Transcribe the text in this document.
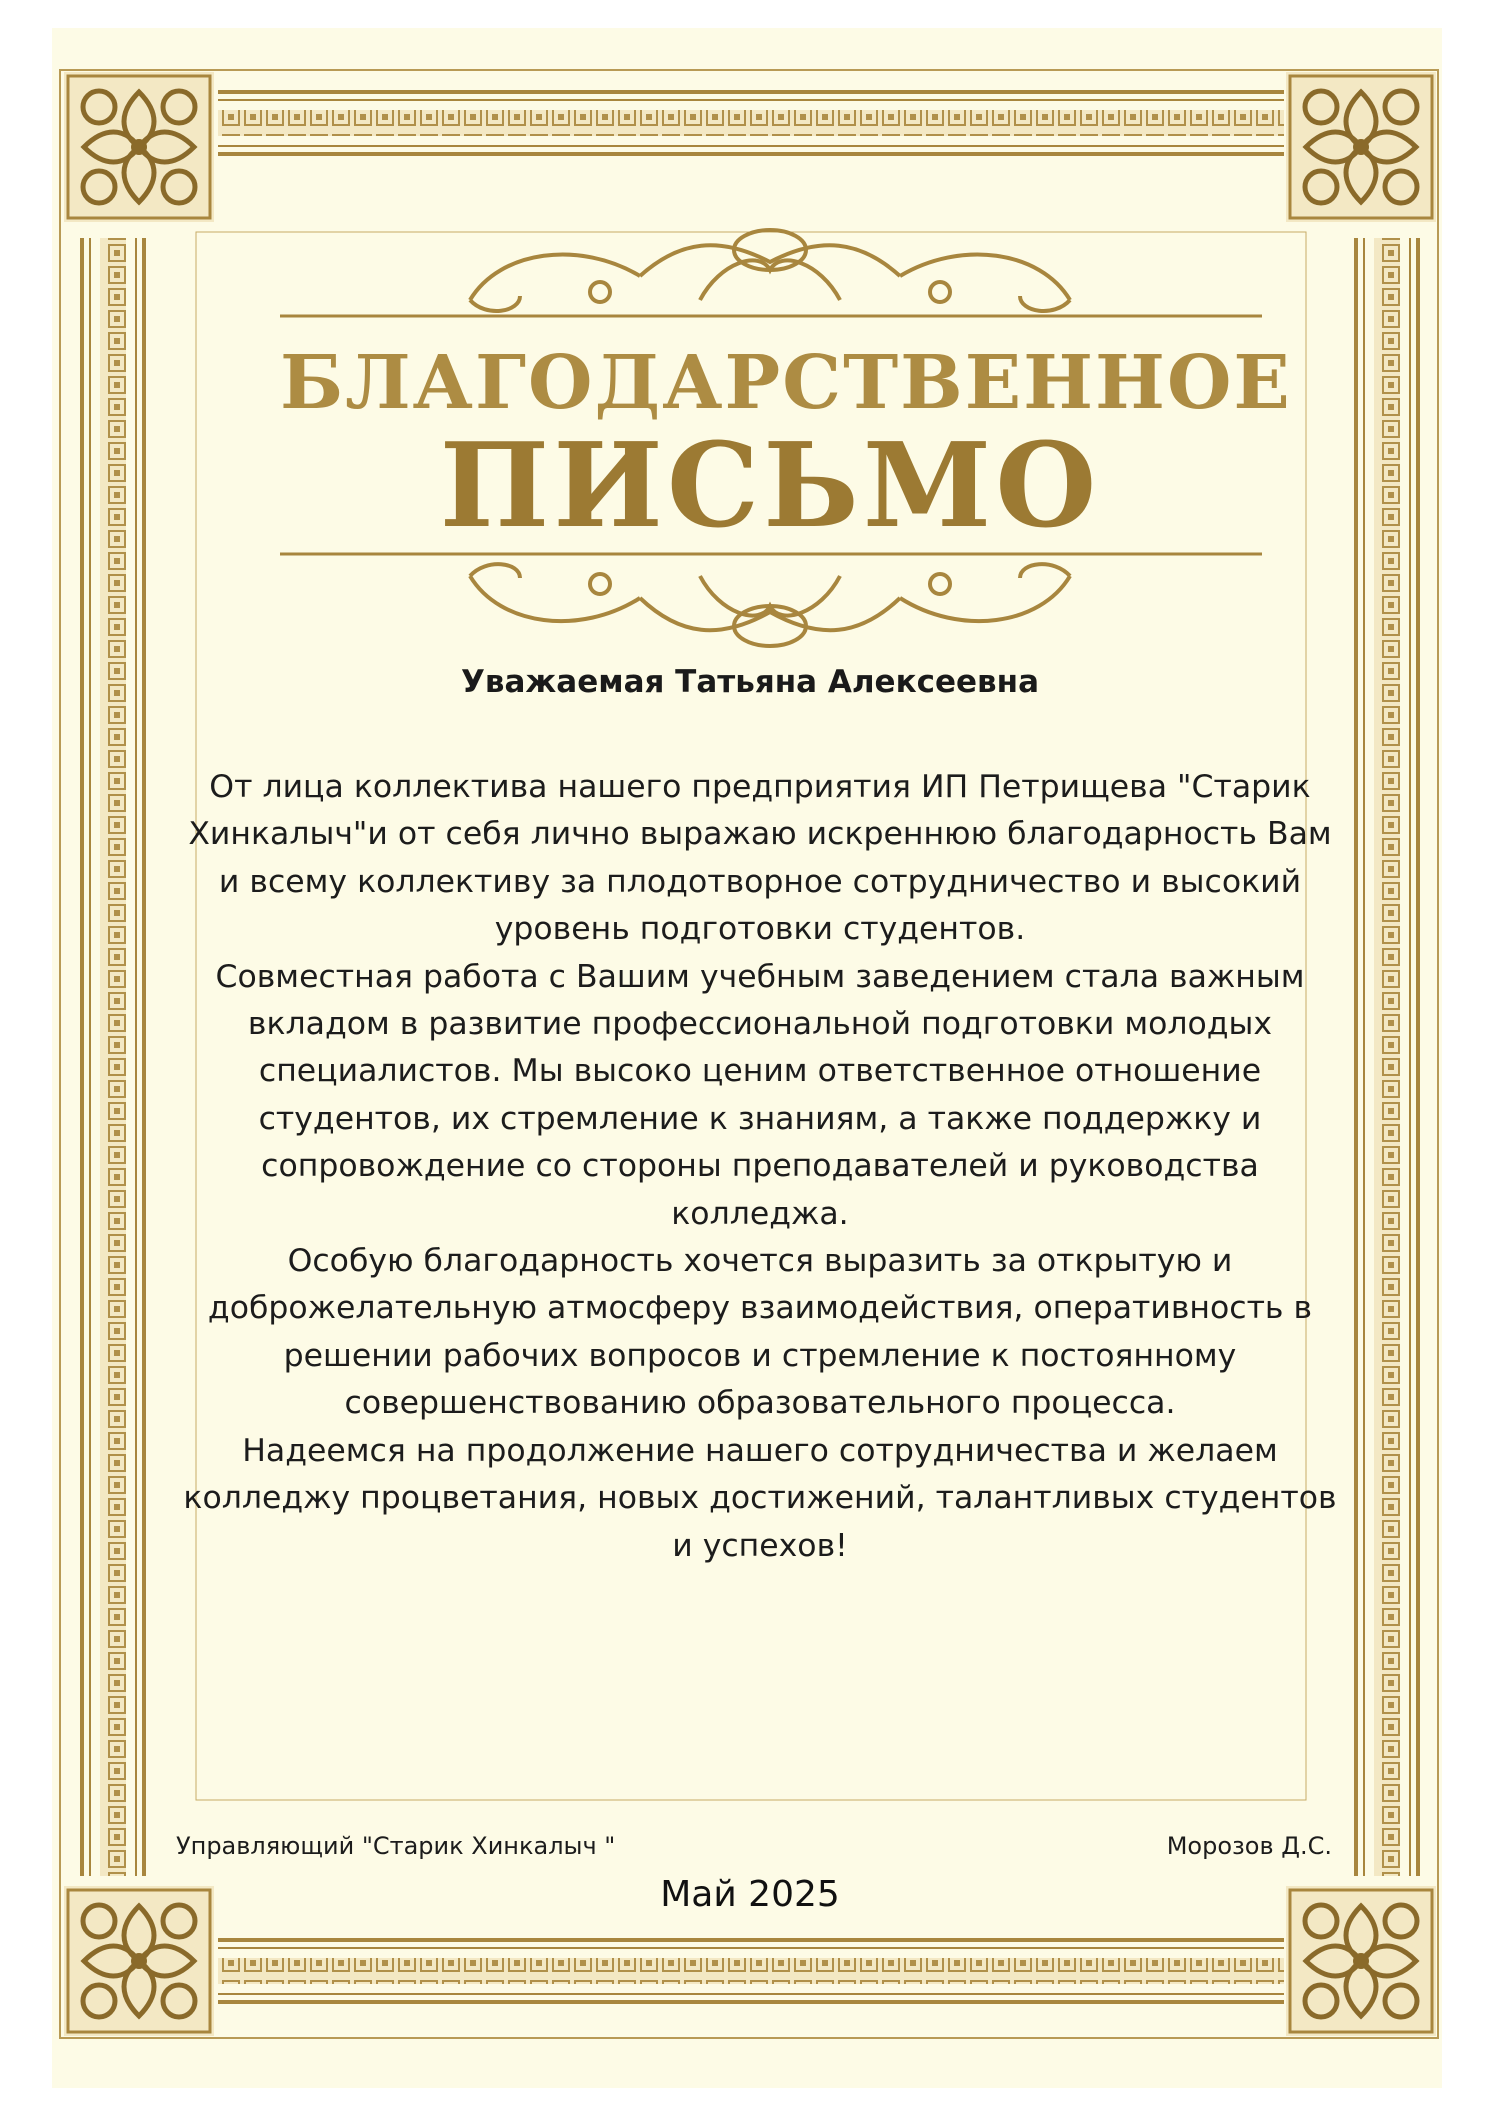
БЛАГОДАРСТВЕННОЕ
ПИСЬМО
Уважаемая Татьяна Алексеевна

От лица коллектива нашего предприятия ИП Петрищева "Старик Хинкалыч"и от себя лично выражаю искреннюю благодарность Вам и всему коллективу за плодотворное сотрудничество и высокий уровень подготовки студентов.

Совместная работа с Вашим учебным заведением стала важным вкладом в развитие профессиональной подготовки молодых специалистов. Мы высоко ценим ответственное отношение студентов, их стремление к знаниям, а также поддержку и сопровождение со стороны преподавателей и руководства колледжа.

Особую благодарность хочется выразить за открытую и доброжелательную атмосферу взаимодействия, оперативность в решении рабочих вопросов и стремление к постоянному совершенствованию образовательного процесса.

Надеемся на продолжение нашего сотрудничества и желаем колледжу процветания, новых достижений, талантливых студентов и успехов!

Управляющий "Старик Хинкалыч "	Морозов Д.С.
Май 2025
